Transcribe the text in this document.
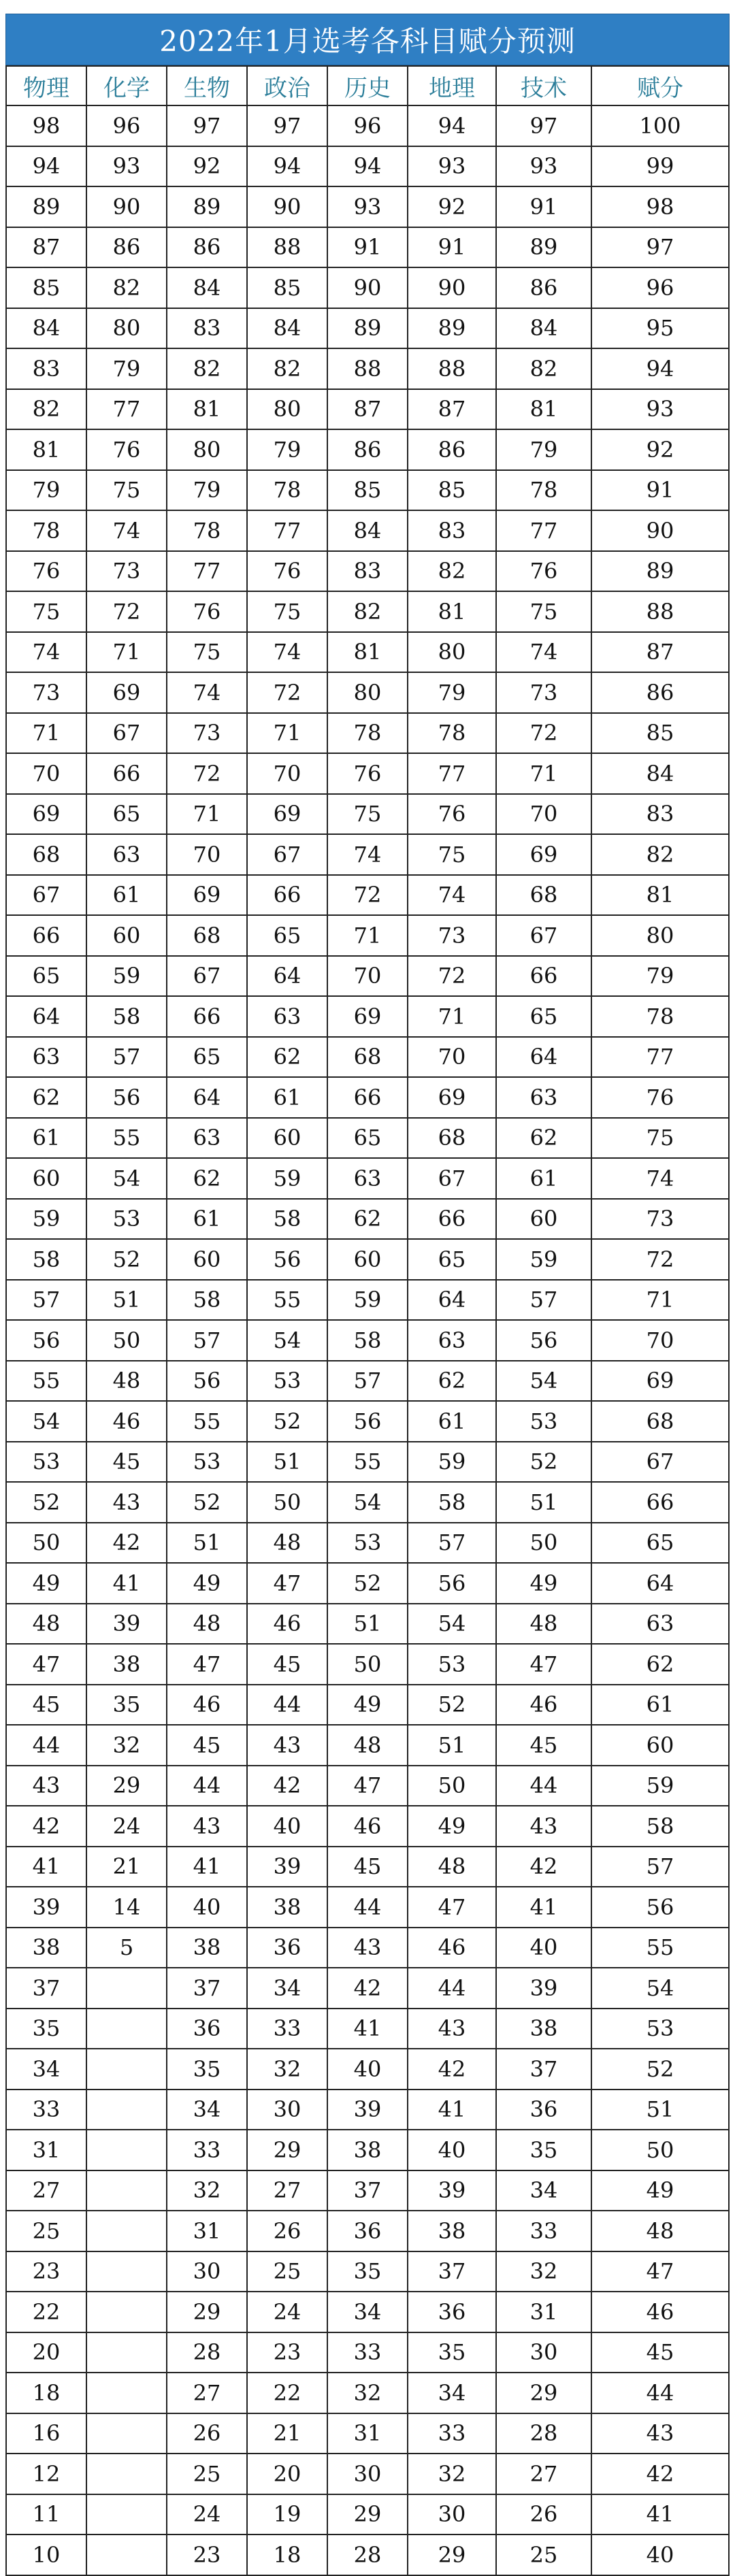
2022年1月选考各科目赋分预测
物理	化学	生物	政治	历史	地理	技术	赋分
98	96	97	97	96	94	97	100
94	93	92	94	94	93	93	99
89	90	89	90	93	92	91	98
87	86	86	88	91	91	89	97
85	82	84	85	90	90	86	96
84	80	83	84	89	89	84	95
83	79	82	82	88	88	82	94
82	77	81	80	87	87	81	93
81	76	80	79	86	86	79	92
79	75	79	78	85	85	78	91
78	74	78	77	84	83	77	90
76	73	77	76	83	82	76	89
75	72	76	75	82	81	75	88
74	71	75	74	81	80	74	87
73	69	74	72	80	79	73	86
71	67	73	71	78	78	72	85
70	66	72	70	76	77	71	84
69	65	71	69	75	76	70	83
68	63	70	67	74	75	69	82
67	61	69	66	72	74	68	81
66	60	68	65	71	73	67	80
65	59	67	64	70	72	66	79
64	58	66	63	69	71	65	78
63	57	65	62	68	70	64	77
62	56	64	61	66	69	63	76
61	55	63	60	65	68	62	75
60	54	62	59	63	67	61	74
59	53	61	58	62	66	60	73
58	52	60	56	60	65	59	72
57	51	58	55	59	64	57	71
56	50	57	54	58	63	56	70
55	48	56	53	57	62	54	69
54	46	55	52	56	61	53	68
53	45	53	51	55	59	52	67
52	43	52	50	54	58	51	66
50	42	51	48	53	57	50	65
49	41	49	47	52	56	49	64
48	39	48	46	51	54	48	63
47	38	47	45	50	53	47	62
45	35	46	44	49	52	46	61
44	32	45	43	48	51	45	60
43	29	44	42	47	50	44	59
42	24	43	40	46	49	43	58
41	21	41	39	45	48	42	57
39	14	40	38	44	47	41	56
38	5	38	36	43	46	40	55
37		37	34	42	44	39	54
35		36	33	41	43	38	53
34		35	32	40	42	37	52
33		34	30	39	41	36	51
31		33	29	38	40	35	50
27		32	27	37	39	34	49
25		31	26	36	38	33	48
23		30	25	35	37	32	47
22		29	24	34	36	31	46
20		28	23	33	35	30	45
18		27	22	32	34	29	44
16		26	21	31	33	28	43
12		25	20	30	32	27	42
11		24	19	29	30	26	41
10		23	18	28	29	25	40
